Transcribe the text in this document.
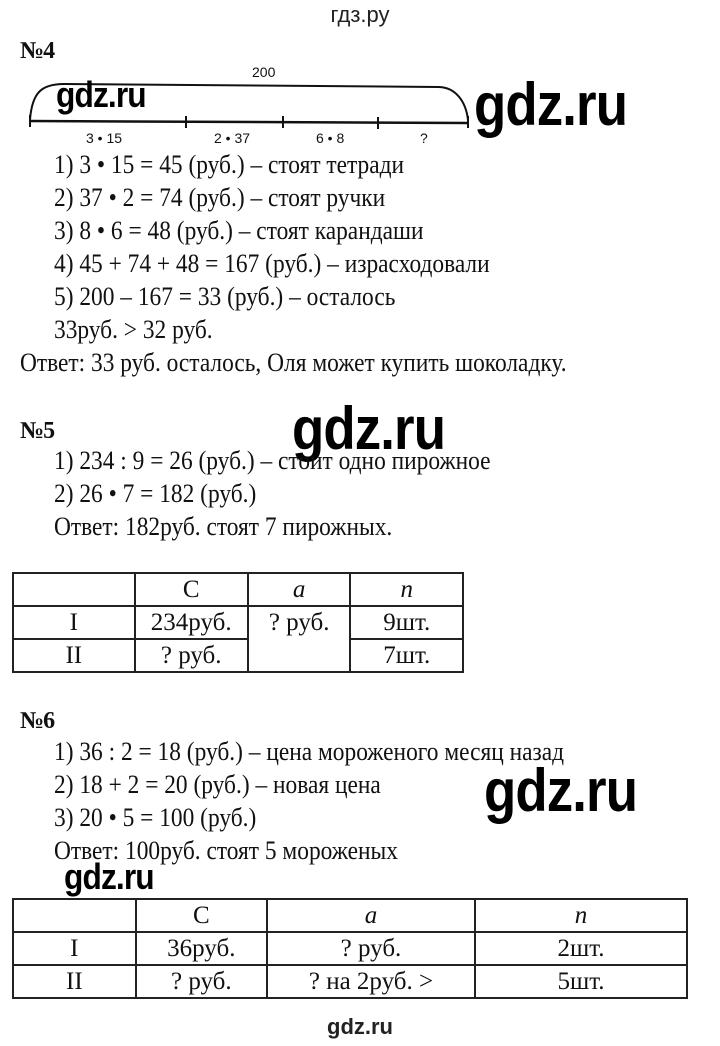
гдз.ру
№4
200
3 • 15	2 • 37	6 • 8	?
gdz.ru	gdz.ru
1) 3 • 15 = 45 (руб.) – стоят тетради
2) 37 • 2 = 74 (руб.) – стоят ручки
3) 8 • 6 = 48 (руб.) – стоят карандаши
4) 45 + 74 + 48 = 167 (руб.) – израсходовали
5) 200 – 167 = 33 (руб.) – осталось
33руб. > 32 руб.
Ответ: 33 руб. осталось, Оля может купить шоколадку.
№5	gdz.ru
1) 234 : 9 = 26 (руб.) – стоит одно пирожное
2) 26 • 7 = 182 (руб.)
Ответ: 182руб. стоят 7 пирожных.
	C	a	n
I	234руб.	? руб.	9шт.
II	? руб.		7шт.
№6
1) 36 : 2 = 18 (руб.) – цена мороженого месяц назад
2) 18 + 2 = 20 (руб.) – новая цена
3) 20 • 5 = 100 (руб.)
Ответ: 100руб. стоят 5 мороженых
gdz.ru
gdz.ru
	C	a	n
I	36руб.	? руб.	2шт.
II	? руб.	? на 2руб. >	5шт.
gdz.ru
